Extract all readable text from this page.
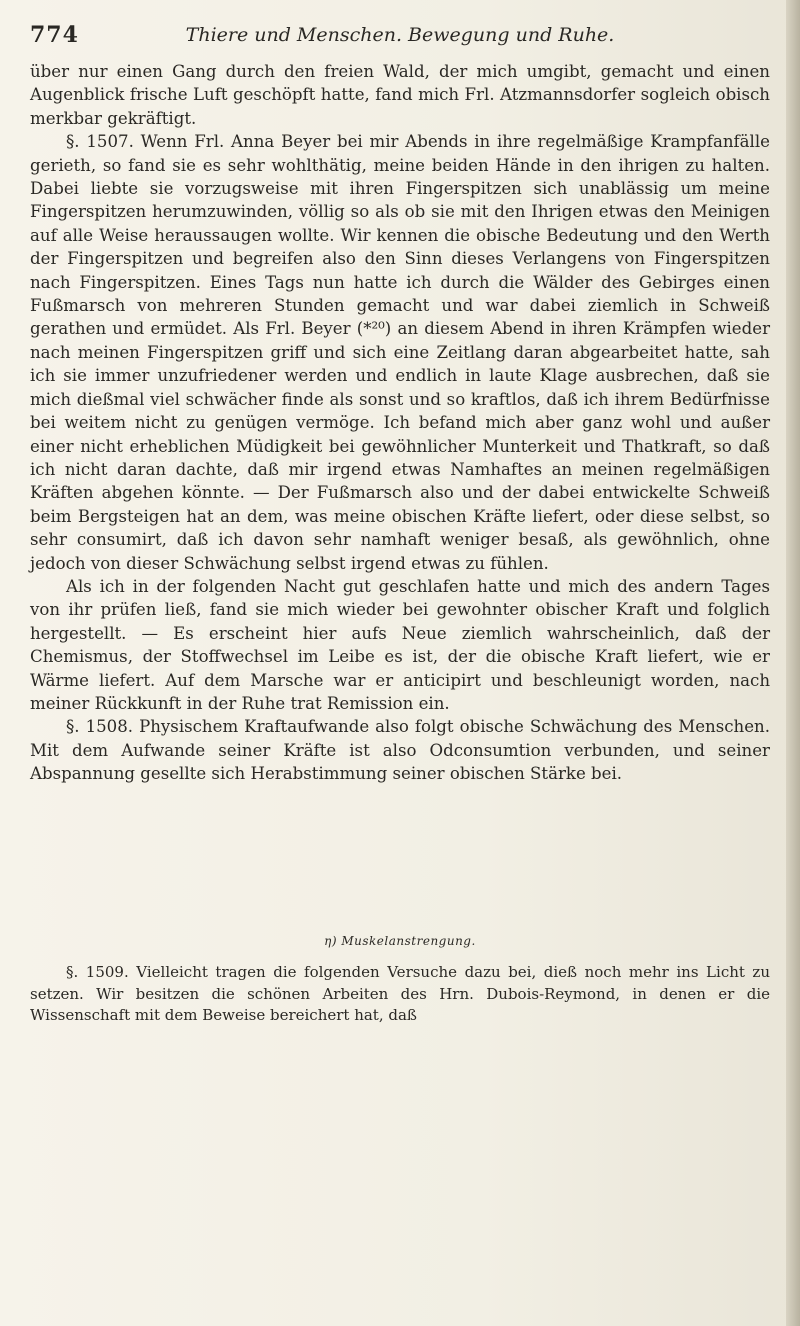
774	Thiere und Menschen. Bewegung und Ruhe.

über nur einen Gang durch den freien Wald, der mich umgibt, gemacht und einen Augenblick frische Luft geschöpft hatte, fand mich Frl. Atzmannsdorfer sogleich obisch merkbar gekräftigt.

§. 1507. Wenn Frl. Anna Beyer bei mir Abends in ihre regelmäßige Krampfanfälle gerieth, so fand sie es sehr wohlthätig, meine beiden Hände in den ihrigen zu halten. Dabei liebte sie vorzugsweise mit ihren Fingerspitzen sich unablässig um meine Fingerspitzen herumzuwinden, völlig so als ob sie mit den Ihrigen etwas den Meinigen auf alle Weise heraussaugen wollte. Wir kennen die obische Bedeutung und den Werth der Fingerspitzen und begreifen also den Sinn dieses Verlangens von Fingerspitzen nach Fingerspitzen. Eines Tags nun hatte ich durch die Wälder des Gebirges einen Fußmarsch von mehreren Stunden gemacht und war dabei ziemlich in Schweiß gerathen und ermüdet. Als Frl. Beyer (*²⁰) an diesem Abend in ihren Krämpfen wieder nach meinen Fingerspitzen griff und sich eine Zeitlang daran abgearbeitet hatte, sah ich sie immer unzufriedener werden und endlich in laute Klage ausbrechen, daß sie mich dießmal viel schwächer finde als sonst und so kraftlos, daß ich ihrem Bedürfnisse bei weitem nicht zu genügen vermöge. Ich befand mich aber ganz wohl und außer einer nicht erheblichen Müdigkeit bei gewöhnlicher Munterkeit und Thatkraft, so daß ich nicht daran dachte, daß mir irgend etwas Namhaftes an meinen regelmäßigen Kräften abgehen könnte. — Der Fußmarsch also und der dabei entwickelte Schweiß beim Bergsteigen hat an dem, was meine obischen Kräfte liefert, oder diese selbst, so sehr consumirt, daß ich davon sehr namhaft weniger besaß, als gewöhnlich, ohne jedoch von dieser Schwächung selbst irgend etwas zu fühlen.

Als ich in der folgenden Nacht gut geschlafen hatte und mich des andern Tages von ihr prüfen ließ, fand sie mich wieder bei gewohnter obischer Kraft und folglich hergestellt. — Es erscheint hier aufs Neue ziemlich wahrscheinlich, daß der Chemismus, der Stoffwechsel im Leibe es ist, der die obische Kraft liefert, wie er Wärme liefert. Auf dem Marsche war er anticipirt und beschleunigt worden, nach meiner Rückkunft in der Ruhe trat Remission ein.

§. 1508. Physischem Kraftaufwande also folgt obische Schwächung des Menschen. Mit dem Aufwande seiner Kräfte ist also Odconsumtion verbunden, und seiner Abspannung gesellte sich Herabstimmung seiner obischen Stärke bei.

η) Muskelanstrengung.

§. 1509. Vielleicht tragen die folgenden Versuche dazu bei, dieß noch mehr ins Licht zu setzen. Wir besitzen die schönen Arbeiten des Hrn. Dubois-Reymond, in denen er die Wissenschaft mit dem Beweise bereichert hat, daß
